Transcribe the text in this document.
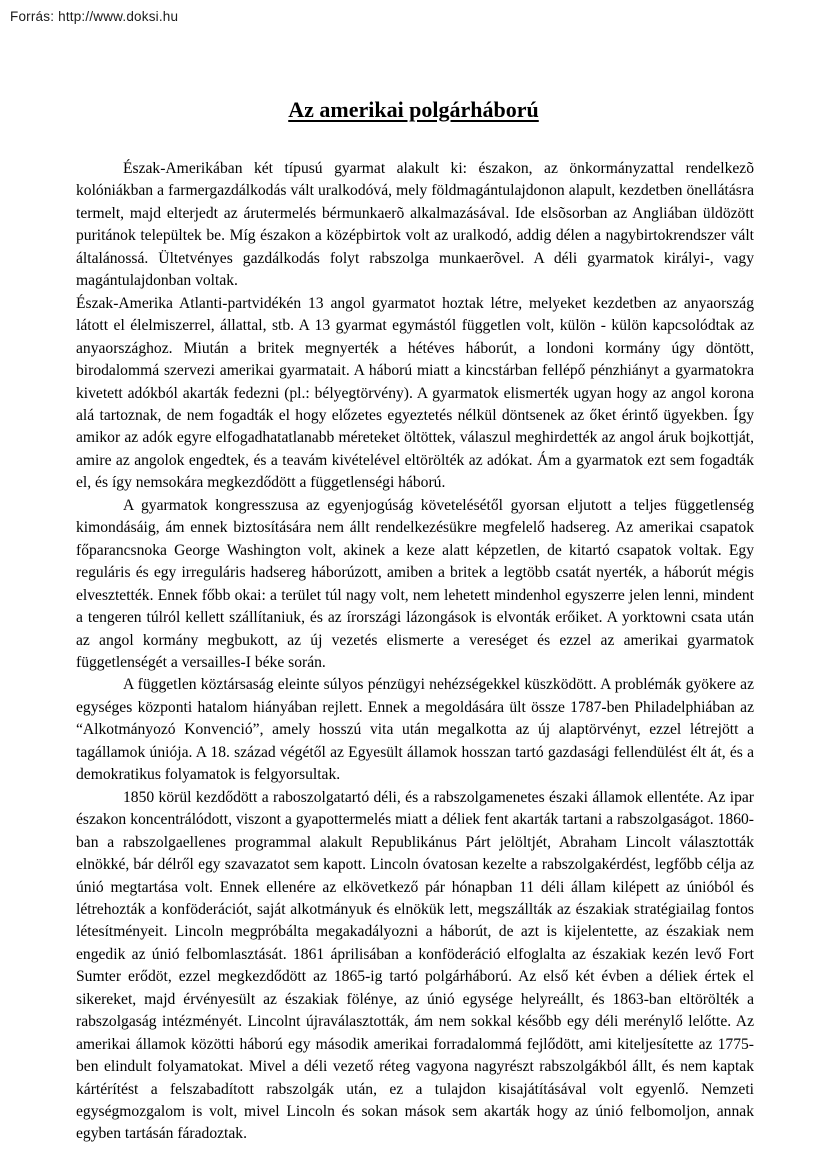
Forrás: http://www.doksi.hu
Az amerikai polgárháború

Észak-Amerikában két típusú gyarmat alakult ki: északon, az önkormányzattal rendelkezõ kolóniákban a farmergazdálkodás vált uralkodóvá, mely földmagántulajdonon alapult, kezdetben önellátásra termelt, majd elterjedt az árutermelés bérmunkaerõ alkalmazásával. Ide elsõsorban az Angliában üldözött puritánok települtek be. Míg északon a középbirtok volt az uralkodó, addig délen a nagybirtokrendszer vált általánossá. Ültetvényes gazdálkodás folyt rabszolga munkaerõvel. A déli gyarmatok királyi-, vagy magántulajdonban voltak.

Észak-Amerika Atlanti-partvidékén 13 angol gyarmatot hoztak létre, melyeket kezdetben az anyaország látott el élelmiszerrel, állattal, stb. A 13 gyarmat egymástól független volt, külön - külön kapcsolódtak az anyaországhoz. Miután a britek megnyerték a hétéves háborút, a londoni kormány úgy döntött, birodalommá szervezi amerikai gyarmatait. A háború miatt a kincstárban fellépő pénzhiányt a gyarmatokra kivetett adókból akarták fedezni (pl.: bélyegtörvény). A gyarmatok elismerték ugyan hogy az angol korona alá tartoznak, de nem fogadták el hogy előzetes egyeztetés nélkül döntsenek az őket érintő ügyekben. Így amikor az adók egyre elfogadhatatlanabb méreteket öltöttek, válaszul meghirdették az angol áruk bojkottját, amire az angolok engedtek, és a teavám kivételével eltörölték az adókat. Ám a gyarmatok ezt sem fogadták el, és így nemsokára megkezdődött a függetlenségi háború.

A gyarmatok kongresszusa az egyenjogúság követelésétől gyorsan eljutott a teljes függetlenség kimondásáig, ám ennek biztosítására nem állt rendelkezésükre megfelelő hadsereg. Az amerikai csapatok főparancsnoka George Washington volt, akinek a keze alatt képzetlen, de kitartó csapatok voltak. Egy reguláris és egy irreguláris hadsereg háborúzott, amiben a britek a legtöbb csatát nyerték, a háborút mégis elvesztették. Ennek főbb okai: a terület túl nagy volt, nem lehetett mindenhol egyszerre jelen lenni, mindent a tengeren túlról kellett szállítaniuk, és az írországi lázongások is elvonták erőiket. A yorktowni csata után az angol kormány megbukott, az új vezetés elismerte a vereséget és ezzel az amerikai gyarmatok függetlenségét a versailles-I béke során.

A független köztársaság eleinte súlyos pénzügyi nehézségekkel küszködött. A problémák gyökere az egységes központi hatalom hiányában rejlett. Ennek a megoldására ült össze 1787-ben Philadelphiában az “Alkotmányozó Konvenció”, amely hosszú vita után megalkotta az új alaptörvényt, ezzel létrejött a tagállamok úniója. A 18. század végétől az Egyesült államok hosszan tartó gazdasági fellendülést élt át, és a demokratikus folyamatok is felgyorsultak.

1850 körül kezdődött a raboszolgatartó déli, és a rabszolgamenetes északi államok ellentéte. Az ipar északon koncentrálódott, viszont a gyapottermelés miatt a déliek fent akarták tartani a rabszolgaságot. 1860-ban a rabszolgaellenes programmal alakult Republikánus Párt jelöltjét, Abraham Lincolt választották elnökké, bár délről egy szavazatot sem kapott. Lincoln óvatosan kezelte a rabszolgakérdést, legfőbb célja az únió megtartása volt. Ennek ellenére az elkövetkező pár hónapban 11 déli állam kilépett az únióból és létrehozták a konföderációt, saját alkotmányuk és elnökük lett, megszállták az északiak stratégiailag fontos létesítményeit. Lincoln megpróbálta megakadályozni a háborút, de azt is kijelentette, az északiak nem engedik az únió felbomlasztását. 1861 áprilisában a konföderáció elfoglalta az északiak kezén levő Fort Sumter erődöt, ezzel megkezdődött az 1865-ig tartó polgárháború. Az első két évben a déliek értek el sikereket, majd érvényesült az északiak fölénye, az únió egysége helyreállt, és 1863-ban eltörölték a rabszolgaság intézményét. Lincolnt újraválasztották, ám nem sokkal később egy déli merénylő lelőtte. Az amerikai államok közötti háború egy második amerikai forradalommá fejlődött, ami kiteljesítette az 1775-ben elindult folyamatokat. Mivel a déli vezető réteg vagyona nagyrészt rabszolgákból állt, és nem kaptak kártérítést a felszabadított rabszolgák után, ez a tulajdon kisajátításával volt egyenlő. Nemzeti egységmozgalom is volt, mivel Lincoln és sokan mások sem akarták hogy az únió felbomoljon, annak egyben tartásán fáradoztak.
